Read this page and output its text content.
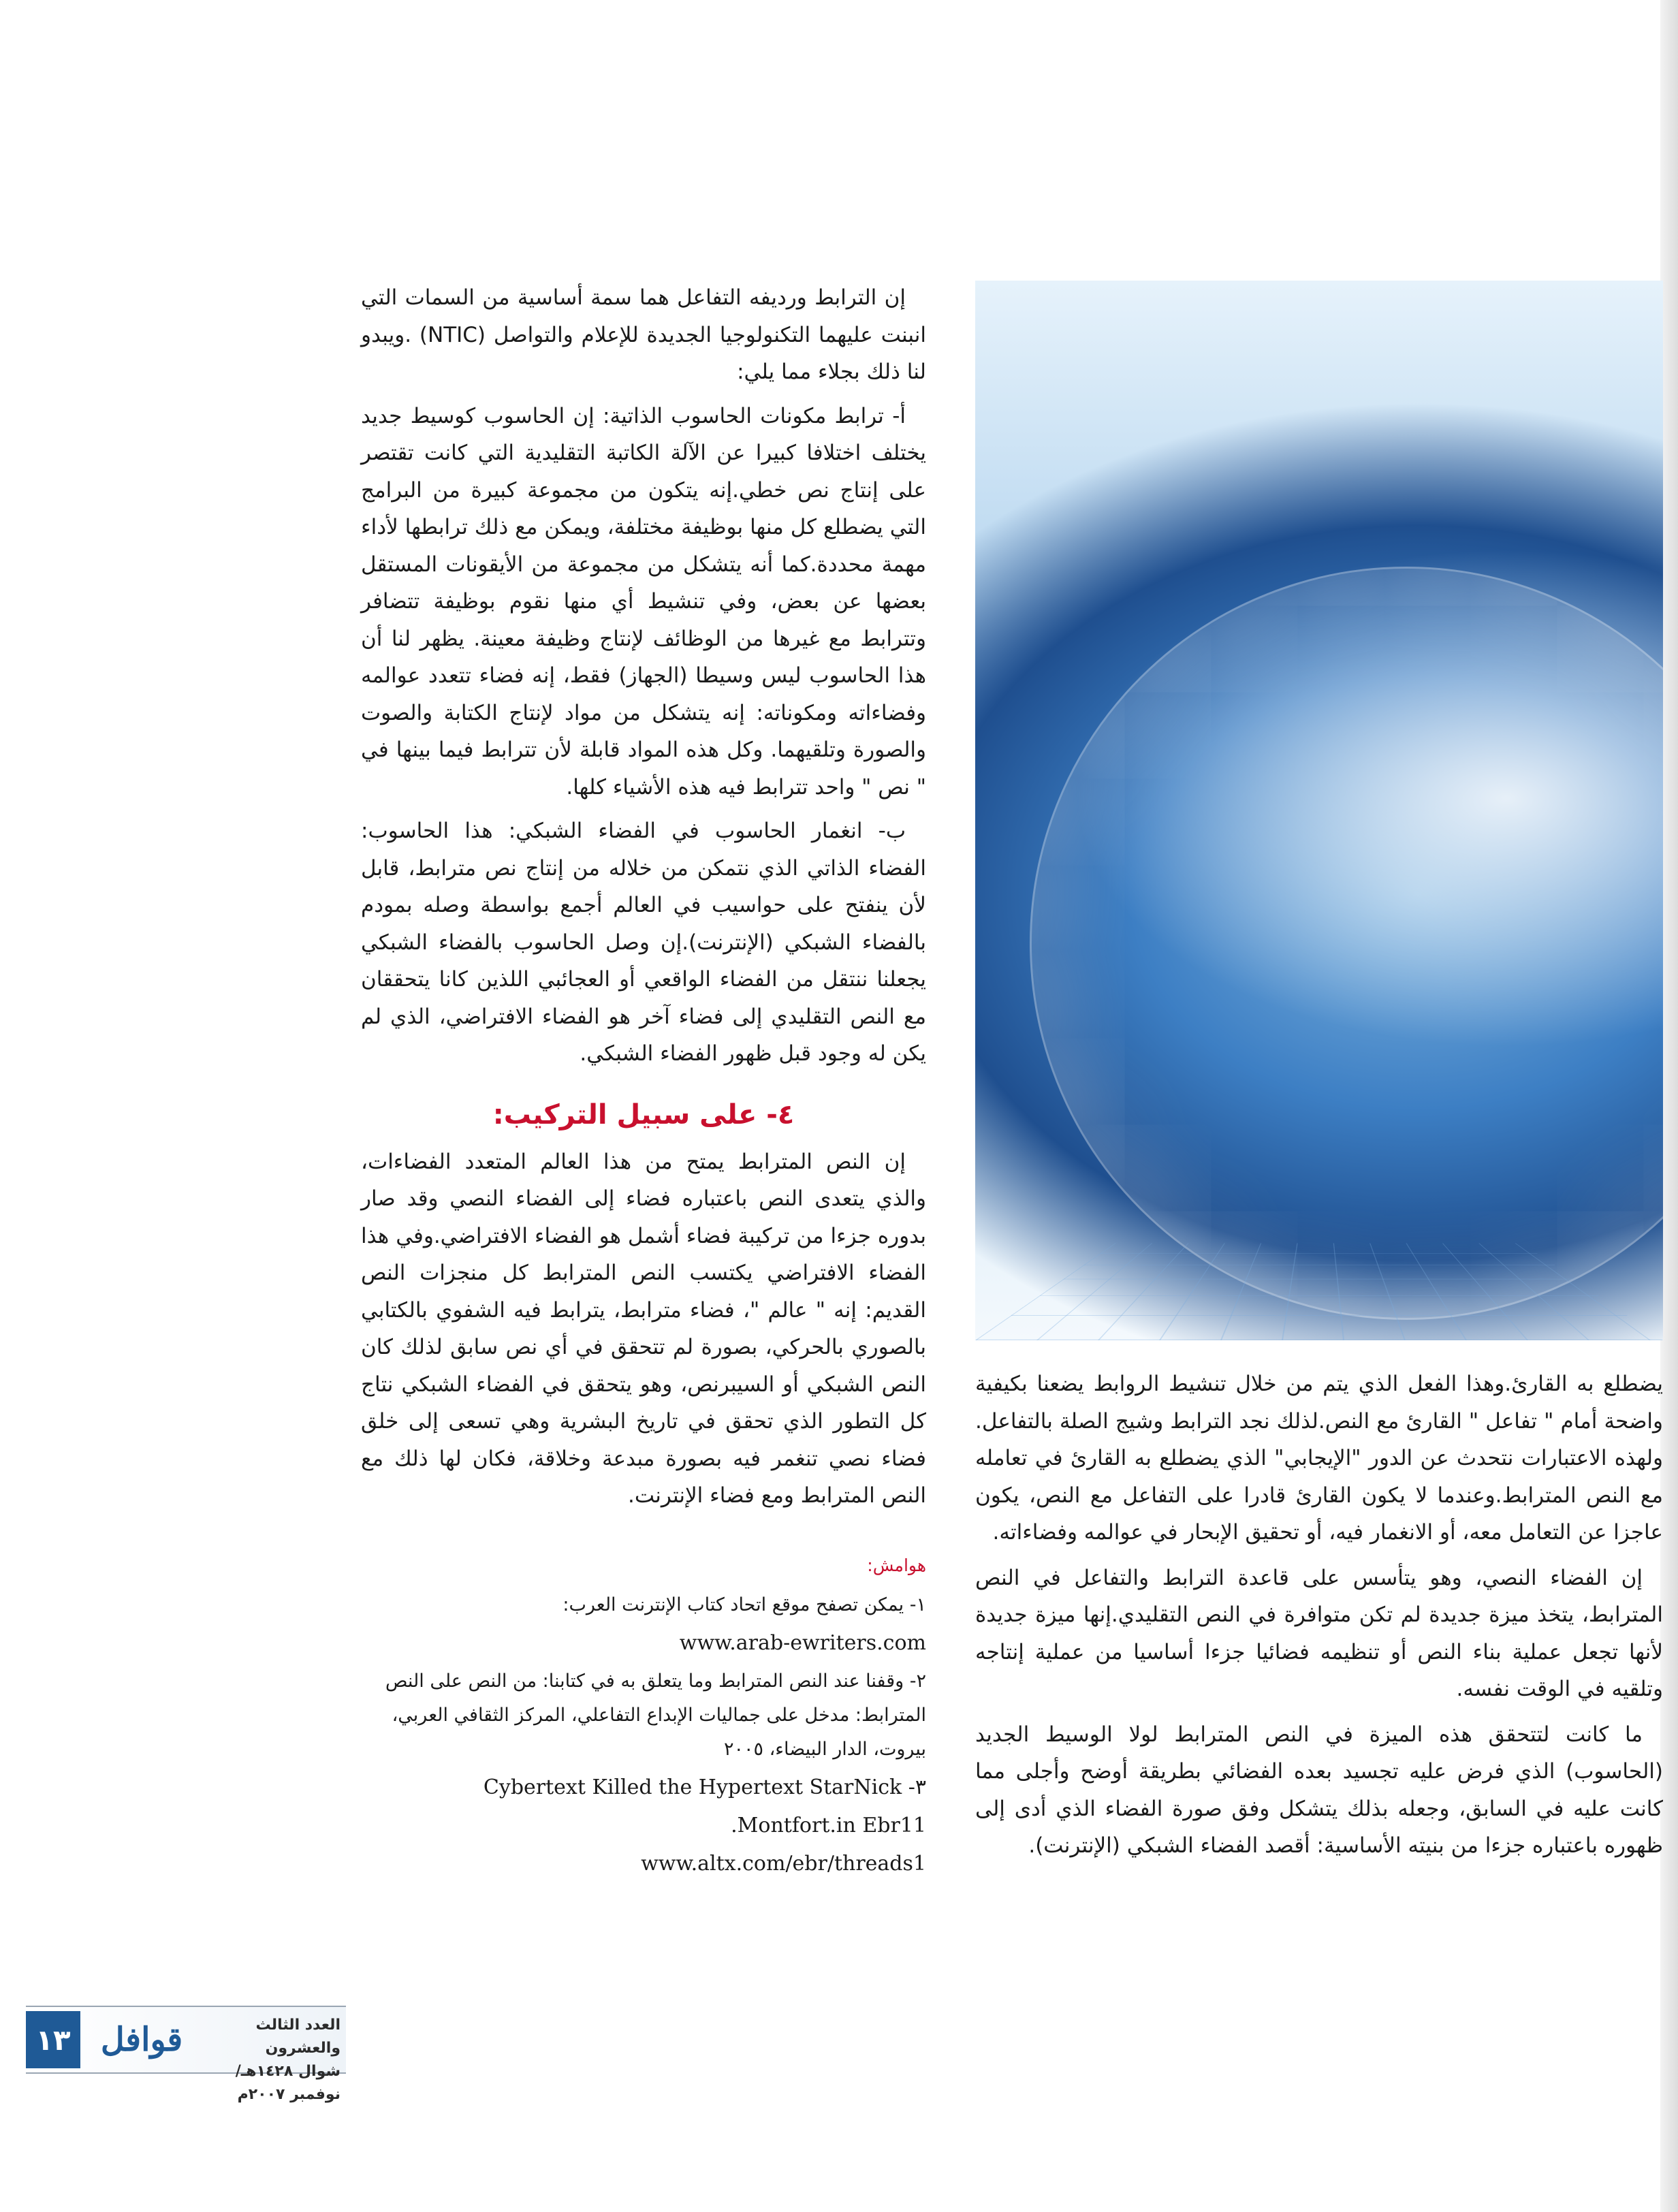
إن الترابط ورديفه التفاعل هما سمة أساسية من السمات التي انبنت عليهما التكنولوجيا الجديدة للإعلام والتواصل (NTIC) .ويبدو لنا ذلك بجلاء مما يلي:

أ- ترابط مكونات الحاسوب الذاتية: إن الحاسوب كوسيط جديد يختلف اختلافا كبيرا عن الآلة الكاتبة التقليدية التي كانت تقتصر على إنتاج نص خطي.إنه يتكون من مجموعة كبيرة من البرامج التي يضطلع كل منها بوظيفة مختلفة، ويمكن مع ذلك ترابطها لأداء مهمة محددة.كما أنه يتشكل من مجموعة من الأيقونات المستقل بعضها عن بعض، وفي تنشيط أي منها نقوم بوظيفة تتضافر وتترابط مع غيرها من الوظائف لإنتاج وظيفة معينة. يظهر لنا أن هذا الحاسوب ليس وسيطا (الجهاز) فقط، إنه فضاء تتعدد عوالمه وفضاءاته ومكوناته: إنه يتشكل من مواد لإنتاج الكتابة والصوت والصورة وتلقيهما. وكل هذه المواد قابلة لأن تترابط فيما بينها في " نص " واحد تترابط فيه هذه الأشياء كلها.

ب- انغمار الحاسوب في الفضاء الشبكي: هذا الحاسوب: الفضاء الذاتي الذي نتمكن من خلاله من إنتاج نص مترابط، قابل لأن ينفتح على حواسيب في العالم أجمع بواسطة وصله بمودم بالفضاء الشبكي (الإنترنت).إن وصل الحاسوب بالفضاء الشبكي يجعلنا ننتقل من الفضاء الواقعي أو العجائبي اللذين كانا يتحققان مع النص التقليدي إلى فضاء آخر هو الفضاء الافتراضي، الذي لم يكن له وجود قبل ظهور الفضاء الشبكي.

٤- على سبيل التركيب:

إن النص المترابط يمتح من هذا العالم المتعدد الفضاءات، والذي يتعدى النص باعتباره فضاء إلى الفضاء النصي وقد صار بدوره جزءا من تركيبة فضاء أشمل هو الفضاء الافتراضي.وفي هذا الفضاء الافتراضي يكتسب النص المترابط كل منجزات النص القديم: إنه " عالم "، فضاء مترابط، يترابط فيه الشفوي بالكتابي بالصوري بالحركي، بصورة لم تتحقق في أي نص سابق لذلك كان النص الشبكي أو السيبرنص، وهو يتحقق في الفضاء الشبكي نتاج كل التطور الذي تحقق في تاريخ البشرية وهي تسعى إلى خلق فضاء نصي تنغمر فيه بصورة مبدعة وخلاقة، فكان لها ذلك مع النص المترابط ومع فضاء الإنترنت.

هوامش:

١- يمكن تصفح موقع اتحاد كتاب الإنترنت العرب:

www.arab-ewriters.com

٢- وقفنا عند النص المترابط وما يتعلق به في كتابنا: من النص على النص المترابط: مدخل على جماليات الإبداع التفاعلي، المركز الثقافي العربي، بيروت، الدار البيضاء، ٢٠٠٥

Cybertext Killed the Hypertext StarNick -٣

.Montfort.in Ebr11

www.altx.com/ebr/threads1

يضطلع به القارئ.وهذا الفعل الذي يتم من خلال تنشيط الروابط يضعنا بكيفية واضحة أمام " تفاعل " القارئ مع النص.لذلك نجد الترابط وشيج الصلة بالتفاعل. ولهذه الاعتبارات نتحدث عن الدور "الإيجابي" الذي يضطلع به القارئ في تعامله مع النص المترابط.وعندما لا يكون القارئ قادرا على التفاعل مع النص، يكون عاجزا عن التعامل معه، أو الانغمار فيه، أو تحقيق الإبحار في عوالمه وفضاءاته.

إن الفضاء النصي، وهو يتأسس على قاعدة الترابط والتفاعل في النص المترابط، يتخذ ميزة جديدة لم تكن متوافرة في النص التقليدي.إنها ميزة جديدة لأنها تجعل عملية بناء النص أو تنظيمه فضائيا جزءا أساسيا من عملية إنتاجه وتلقيه في الوقت نفسه.

ما كانت لتتحقق هذه الميزة في النص المترابط لولا الوسيط الجديد (الحاسوب) الذي فرض عليه تجسيد بعده الفضائي بطريقة أوضح وأجلى مما كانت عليه في السابق، وجعله بذلك يتشكل وفق صورة الفضاء الذي أدى إلى ظهوره باعتباره جزءا من بنيته الأساسية: أقصد الفضاء الشبكي (الإنترنت).

١٣ قوافل	العدد الثالث والعشرون
شوال ١٤٢٨هـ/ نوفمبر ٢٠٠٧م
